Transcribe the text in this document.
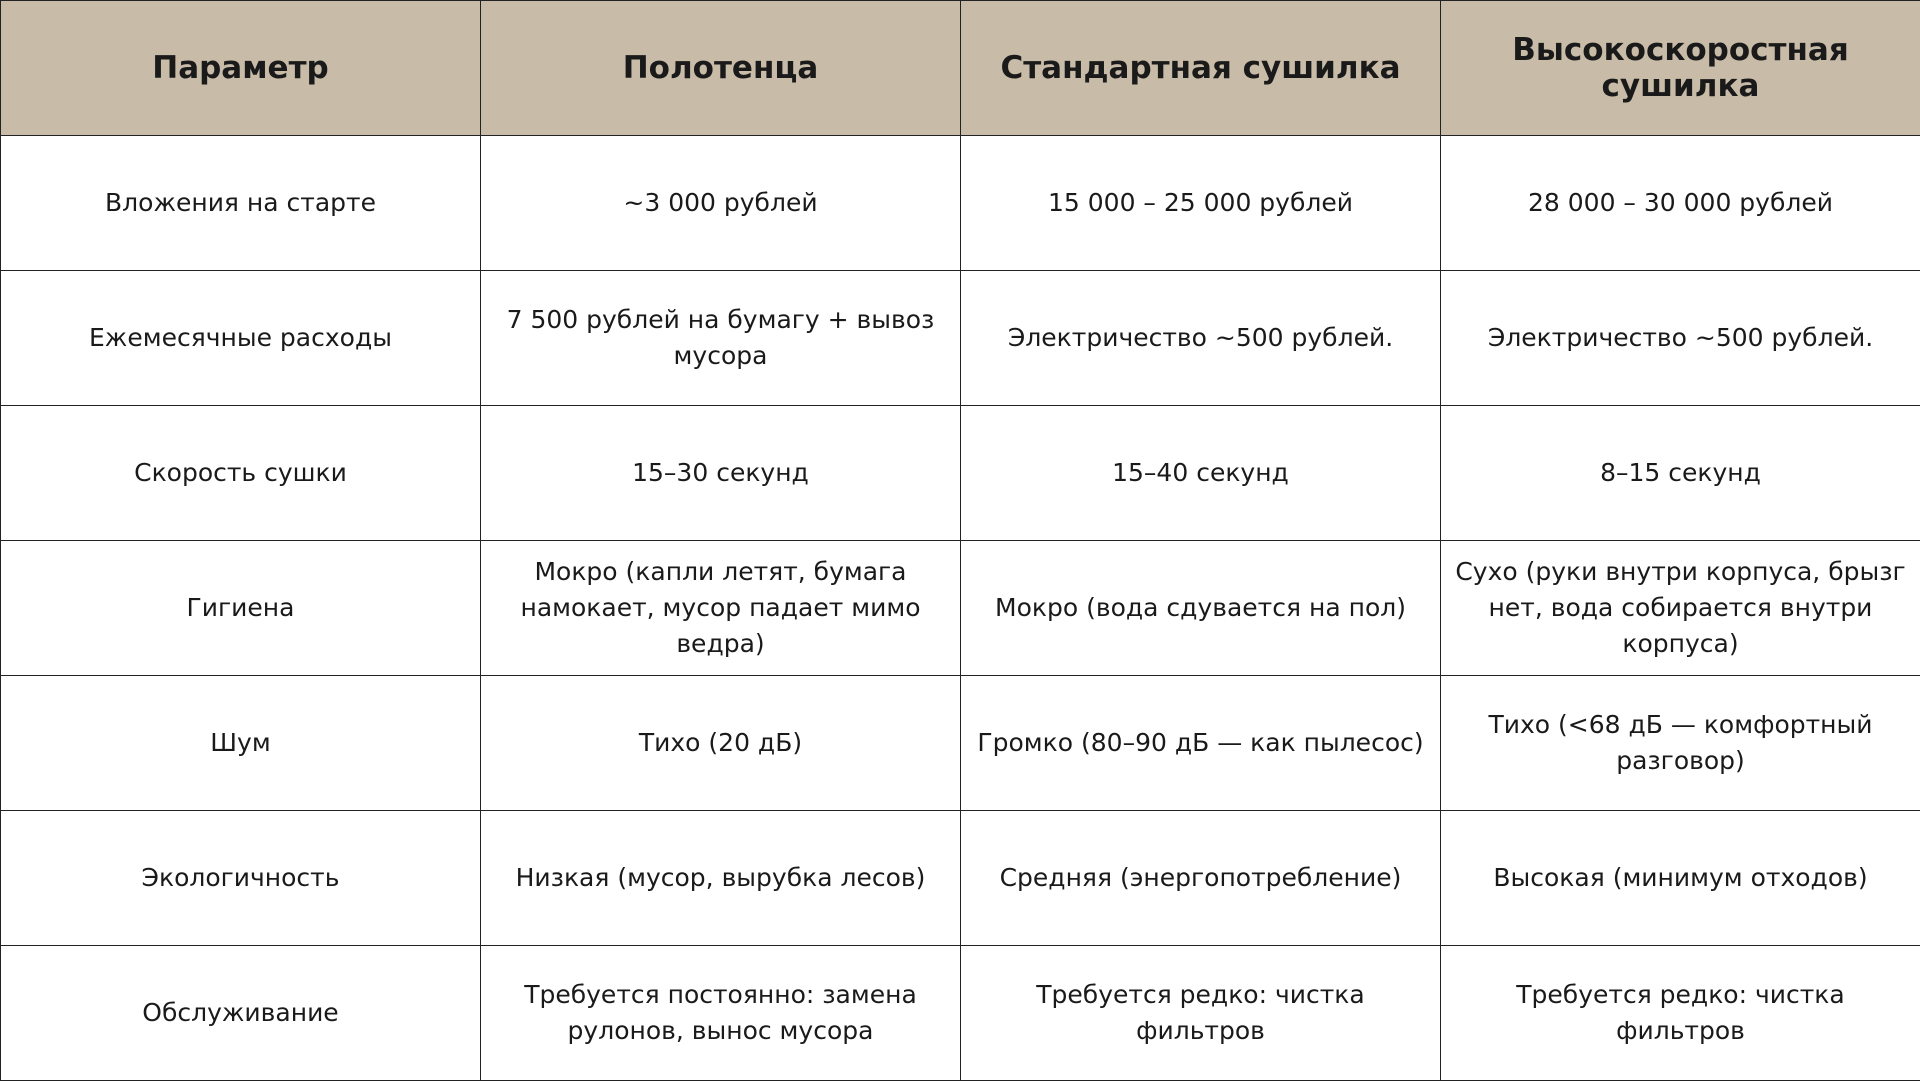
Параметр	Полотенца	Стандартная сушилка	Высокоскоростная сушилка
Вложения на старте	~3 000 рублей	15 000 – 25 000 рублей	28 000 – 30 000 рублей
Ежемесячные расходы	7 500 рублей на бумагу + вывоз мусора	Электричество ~500 рублей.	Электричество ~500 рублей.
Скорость сушки	15–30 секунд	15–40 секунд	8–15 секунд
Гигиена	Мокро (капли летят, бумага намокает, мусор падает мимо ведра)	Мокро (вода сдувается на пол)	Сухо (руки внутри корпуса, брызг нет, вода собирается внутри корпуса)
Шум	Тихо (20 дБ)	Громко (80–90 дБ — как пылесос)	Тихо (<68 дБ — комфортный разговор)
Экологичность	Низкая (мусор, вырубка лесов)	Средняя (энергопотребление)	Высокая (минимум отходов)
Обслуживание	Требуется постоянно: замена рулонов, вынос мусора	Требуется редко: чистка фильтров	Требуется редко: чистка фильтров
